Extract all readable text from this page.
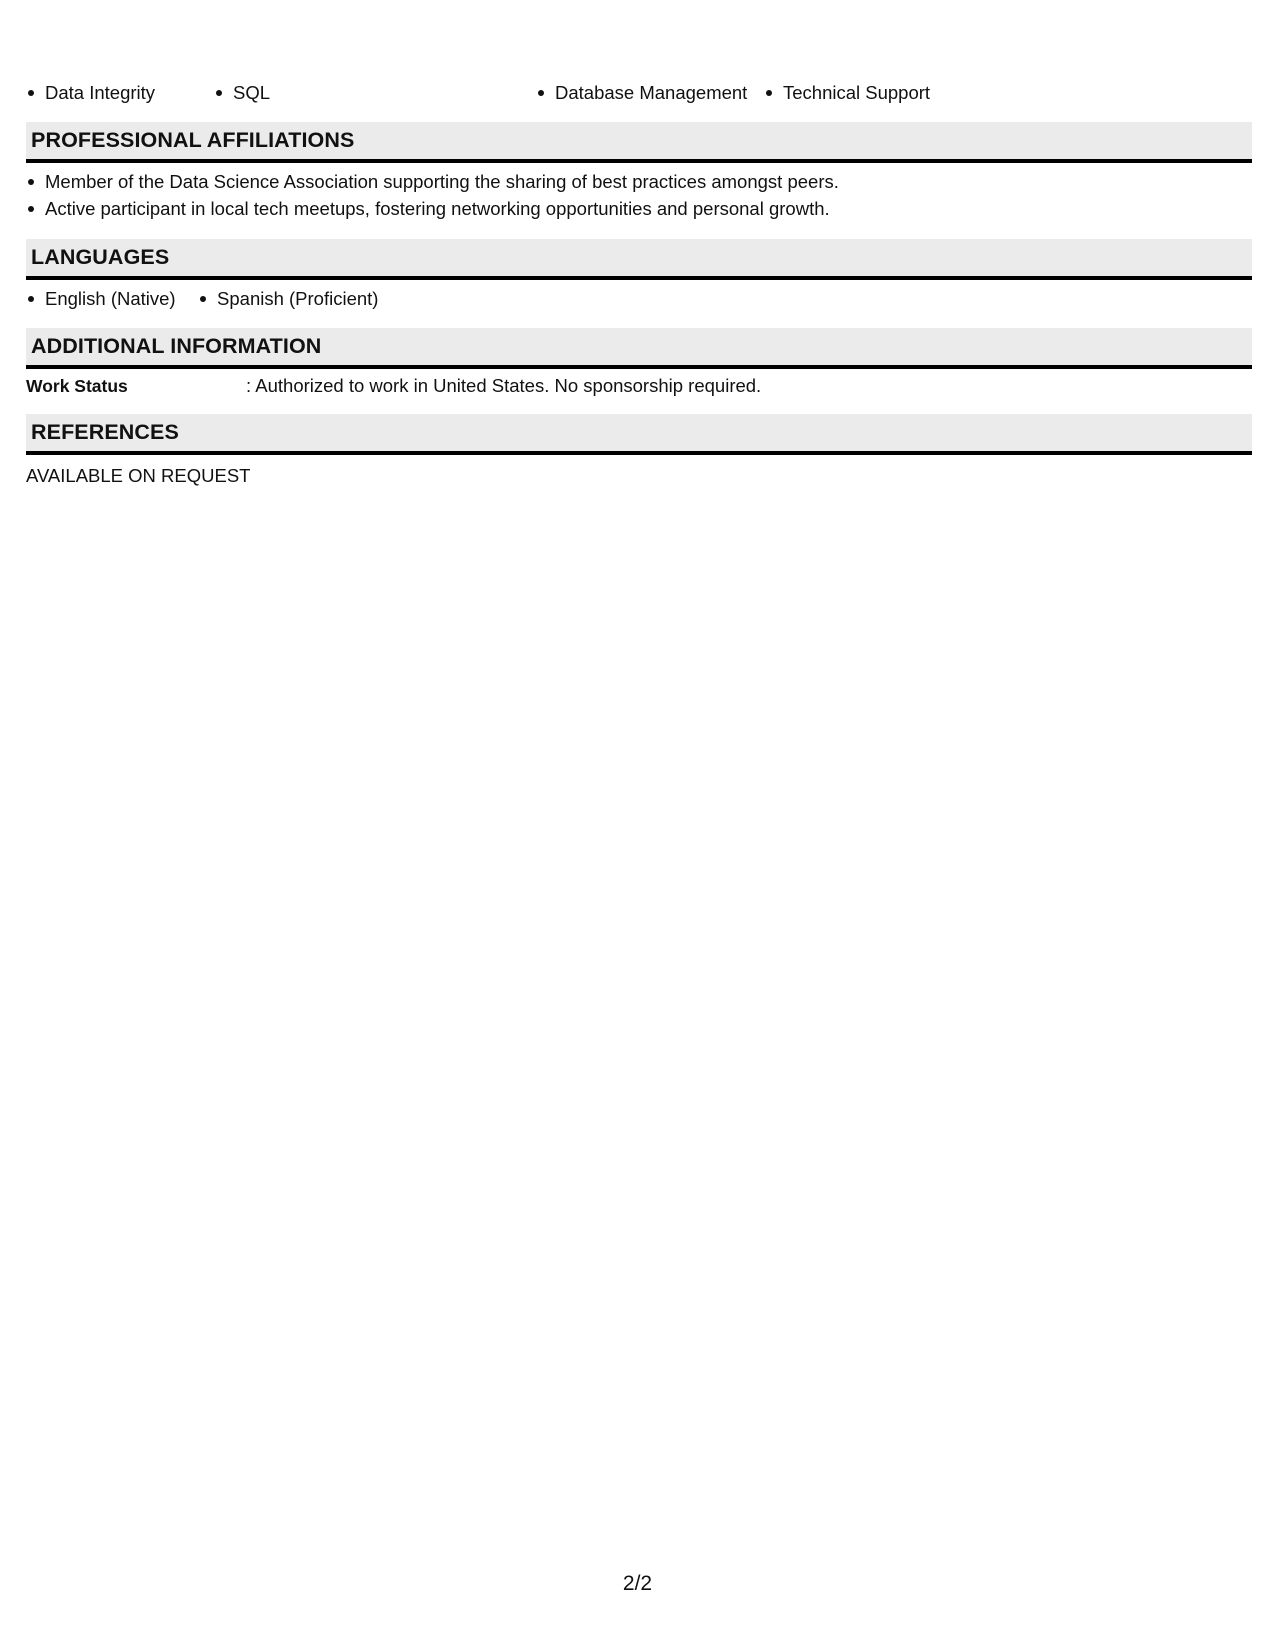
Data Integrity	SQL	Database Management	Technical Support
PROFESSIONAL AFFILIATIONS
Member of the Data Science Association supporting the sharing of best practices amongst peers.
Active participant in local tech meetups, fostering networking opportunities and personal growth.
LANGUAGES
English (Native) Spanish (Proficient)
ADDITIONAL INFORMATION
Work Status	: Authorized to work in United States. No sponsorship required.
REFERENCES
AVAILABLE ON REQUEST
2/2
